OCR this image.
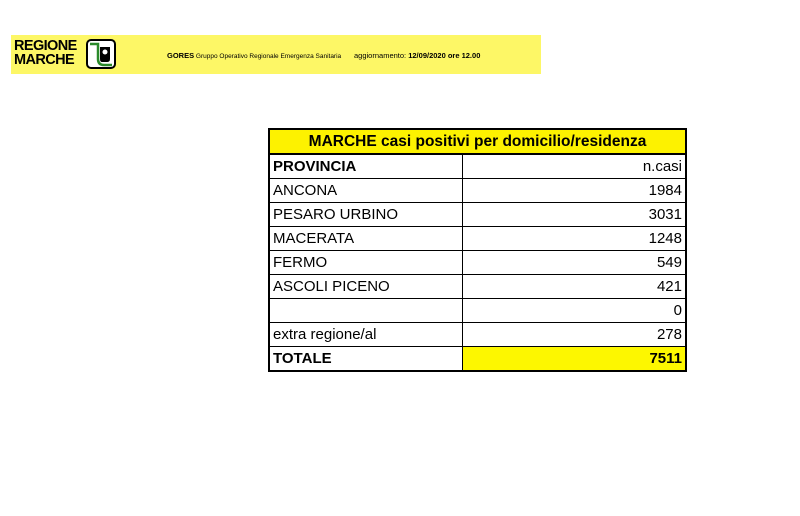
REGIONE
MARCHE	GORES Gruppo Operativo Regionale Emergenza Sanitaria aggiornamento: 12/09/2020 ore 12.00
MARCHE casi positivi per domicilio/residenza	
PROVINCIA	n.casi
ANCONA	1984
PESARO URBINO	3031
MACERATA	1248
FERMO	549
ASCOLI PICENO	421
	0
extra regione/al	278
TOTALE	7511
